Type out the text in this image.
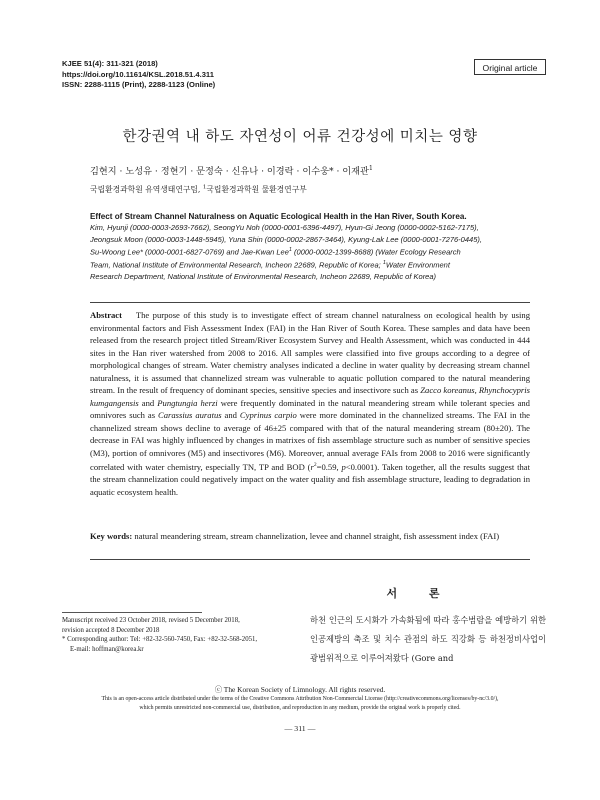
KJEE 51(4): 311-321 (2018)
https://doi.org/10.11614/KSL.2018.51.4.311
ISSN: 2288-1115 (Print), 2288-1123 (Online)
Original article
한강권역 내 하도 자연성이 어류 건강성에 미치는 영향
김현지 · 노성유 · 정현기 · 문정숙 · 신유나 · 이경락 · 이수웅* · 이재관$^1$
국립환경과학원 유역생태연구팀, $^1$국립환경과학원 물환경연구부
Effect of Stream Channel Naturalness on Aquatic Ecological Health in the Han River, South Korea.
Kim, Hyunji (0000-0003-2693-7662), SeongYu Noh (0000-0001-6396-4497), Hyun-Gi Jeong (0000-0002-5162-7175),
Jeongsuk Moon (0000-0003-1448-5945), Yuna Shin (0000-0002-2867-3464), Kyung-Lak Lee (0000-0001-7276-0445),
Su-Woong Lee* (0000-0001-6827-0769) and Jae-Kwan Lee$^1$ (0000-0002-1399-8688) (Water Ecology Research
Team, National Institute of Environmental Research, Incheon 22689, Republic of Korea; $^1$Water Environment
Research Department, National Institute of Environmental Research, Incheon 22689, Republic of Korea)
Abstract The purpose of this study is to investigate effect of stream channel naturalness on ecological health by using environmental factors and Fish Assessment Index (FAI) in the Han River of South Korea. These samples and data have been released from the research project titled Stream/River Ecosystem Survey and Health Assessment, which was conducted in 444 sites in the Han river watershed from 2008 to 2016. All samples were classified into five groups according to a degree of morphological changes of stream. Water chemistry analyses indicated a decline in water quality by decreasing stream channel naturalness, it is assumed that channelized stream was vulnerable to aquatic pollution compared to the natural meandering stream. In the result of frequency of dominant species, sensitive species and insectivore such as Zacco koreanus, Rhynchocypris kumgangensis and Pungtungia herzi were frequently dominated in the natural meandering stream while tolerant species and omnivores such as Carassius auratus and Cyprinus carpio were more dominated in the channelized streams. The FAI in the channelized stream shows decline to average of 46±25 compared with that of the natural meandering stream (80±20). The decrease in FAI was highly influenced by changes in matrixes of fish assemblage structure such as number of sensitive species (M3), portion of omnivores (M5) and insectivores (M6). Moreover, annual average FAIs from 2008 to 2016 were significantly correlated with water chemistry, especially TN, TP and BOD ($r^2=0.59$, p<0.0001). Taken together, all the results suggest that the stream channelization could negatively impact on the water quality and fish assemblage structure, leading to degradation in aquatic ecosystem health.
Key words: natural meandering stream, stream channelization, levee and channel straight, fish assessment index (FAI)
서 론
하천 인근의 도시화가 가속화됨에 따라 홍수범람을 예방하기 위한 인공제방의 축조 및 치수 관점의 하도 직강화 등 하천정비사업이 광범위적으로 이루어져왔다 (Gore and
Manuscript received 23 October 2018, revised 5 December 2018,
revision accepted 8 December 2018
* Corresponding author: Tel: +82-32-560-7450, Fax: +82-32-568-2051,
E-mail: hoffman@korea.kr
ⓒ The Korean Society of Limnology. All rights reserved.
This is an open-access article distributed under the terms of the Creative Commons Attribution Non-Commercial License (http://creativecommons.org/licenses/by-nc/3.0/),
which permits unrestricted non-commercial use, distribution, and reproduction in any medium, provide the original work is properly cited.
— 311 —
